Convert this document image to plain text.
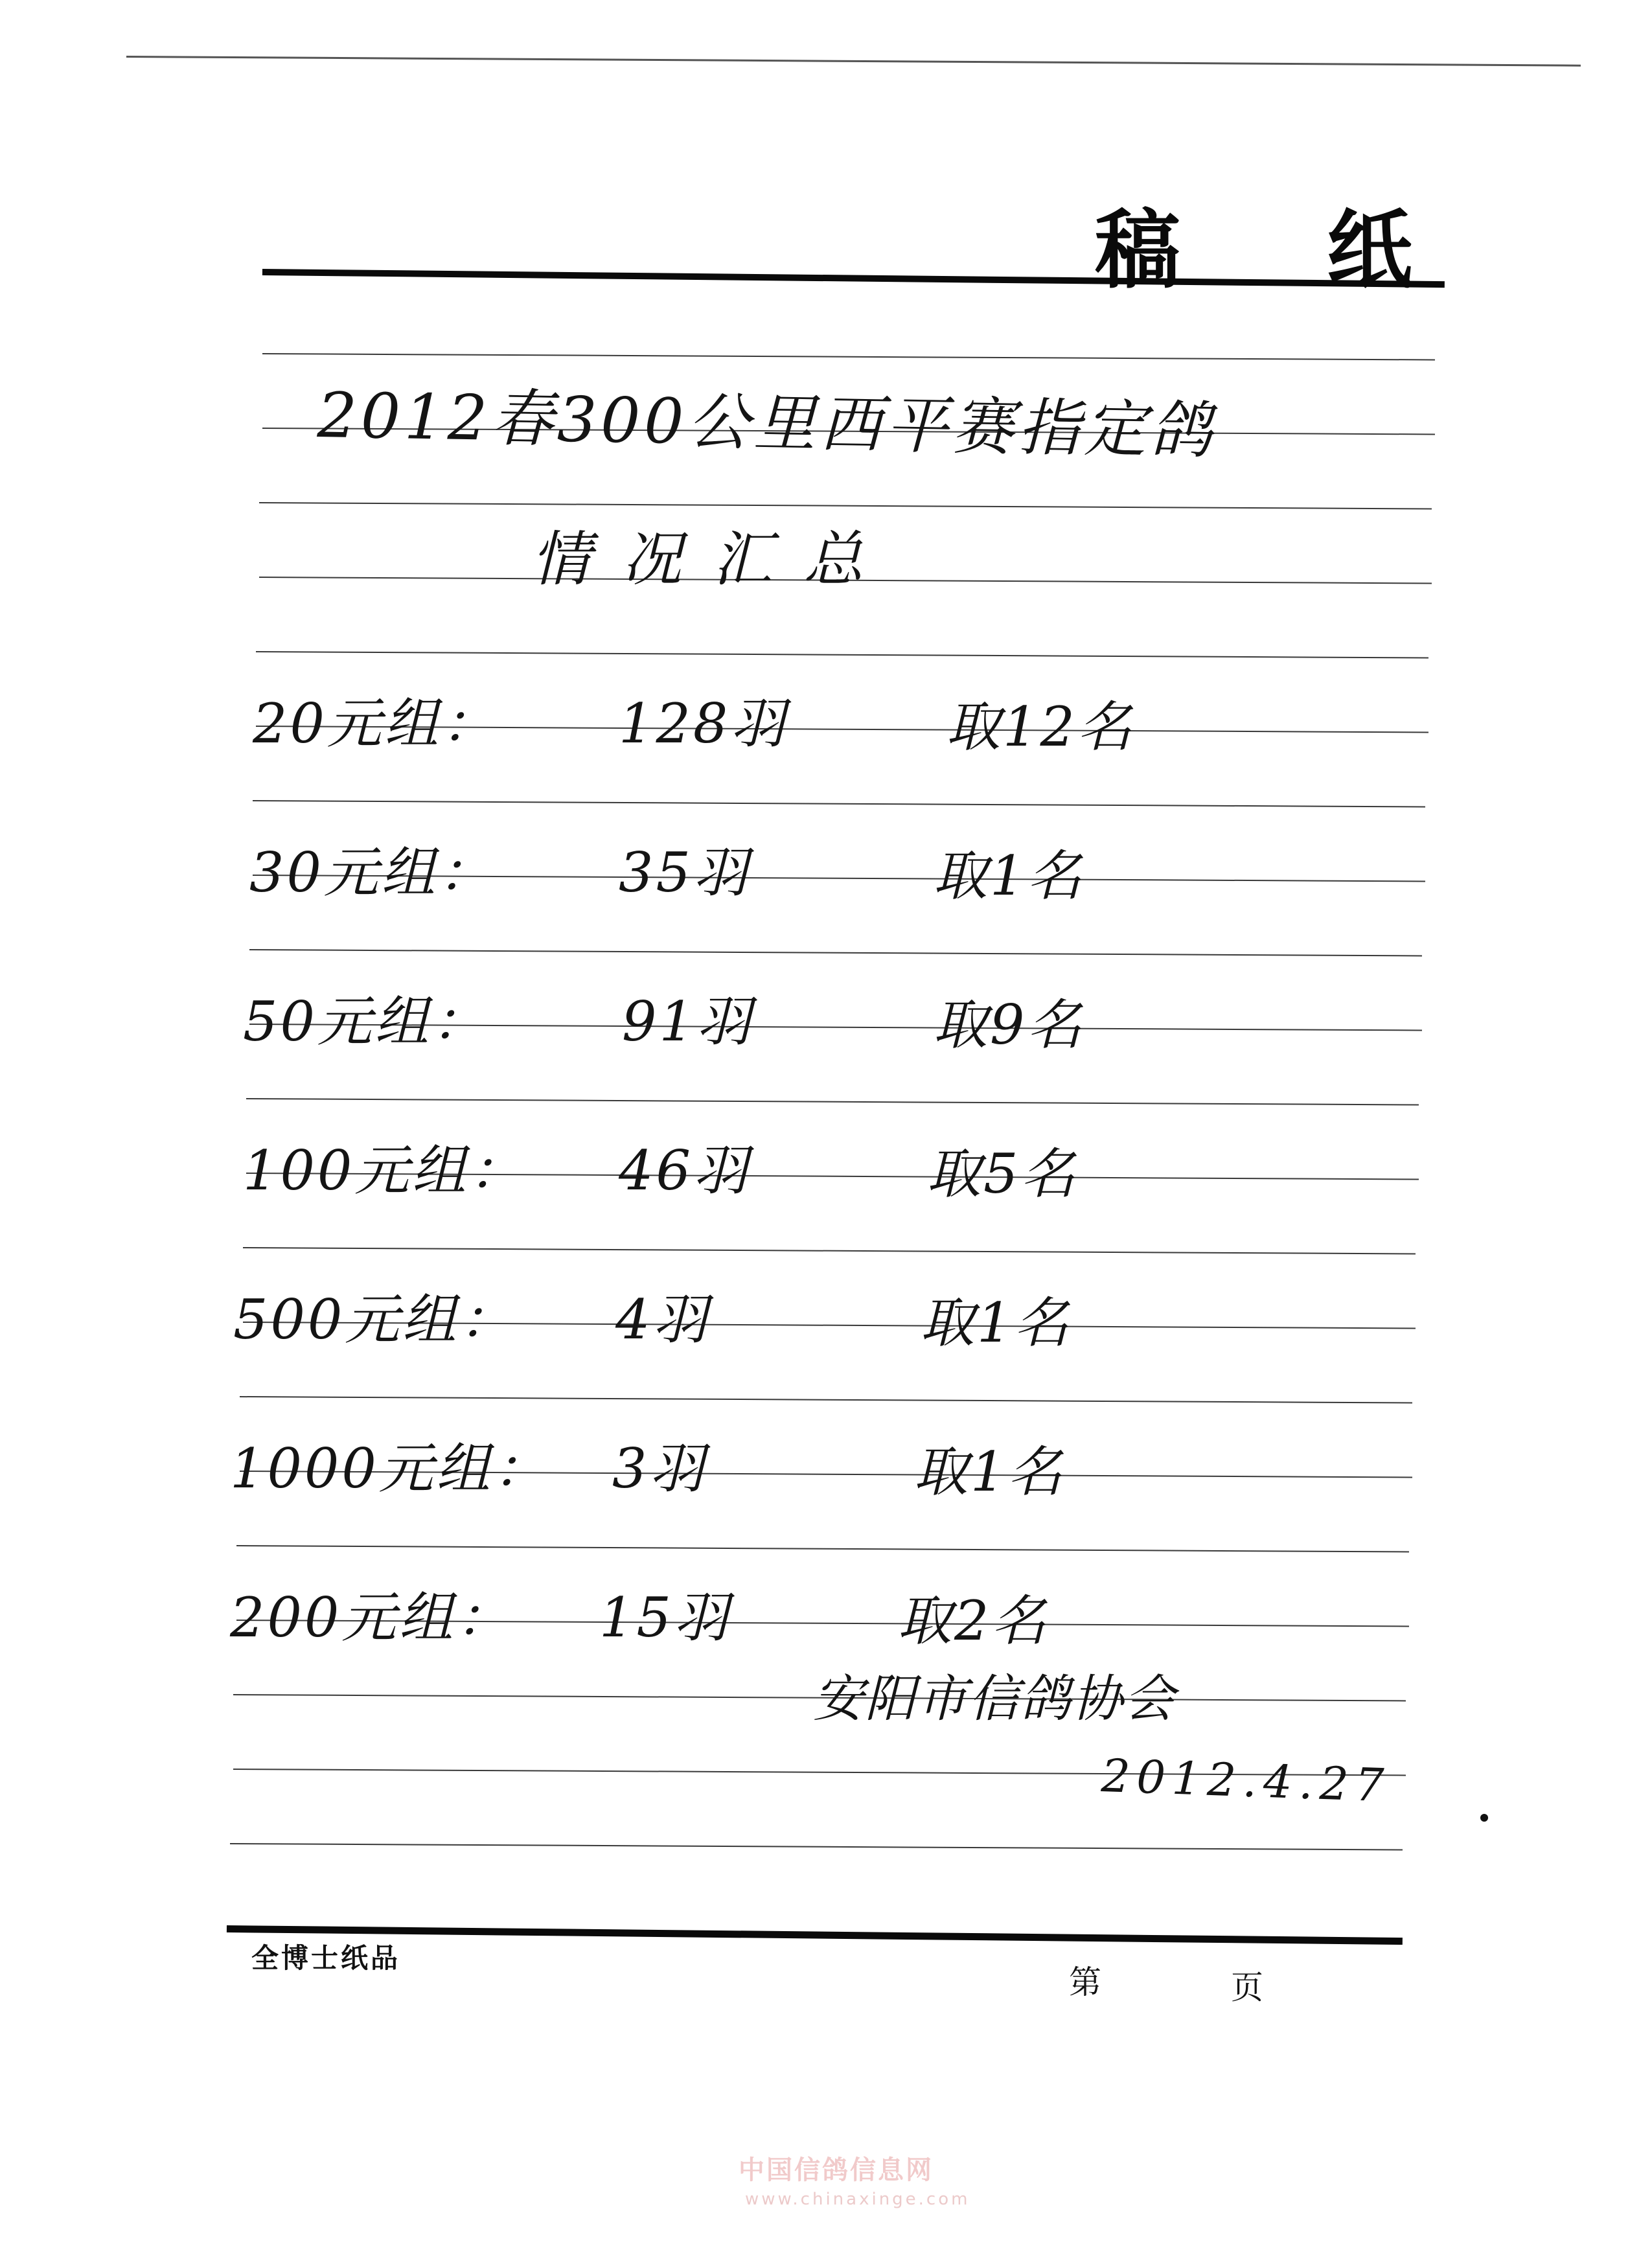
稿 纸
2012春300公里西平赛指定鸽
情况汇总
20元组： 128羽	取12名
30元组： 35羽	取1名
50元组： 91羽	取9名
100元组： 46羽	取5名
500元组： 4羽	取1名
1000元组： 3羽	取1名
200元组： 15羽	取2名
安阳市信鸽协会
2012.4.27
全博士纸品
第	页
中国信鸽信息网
www.chinaxinge.com
